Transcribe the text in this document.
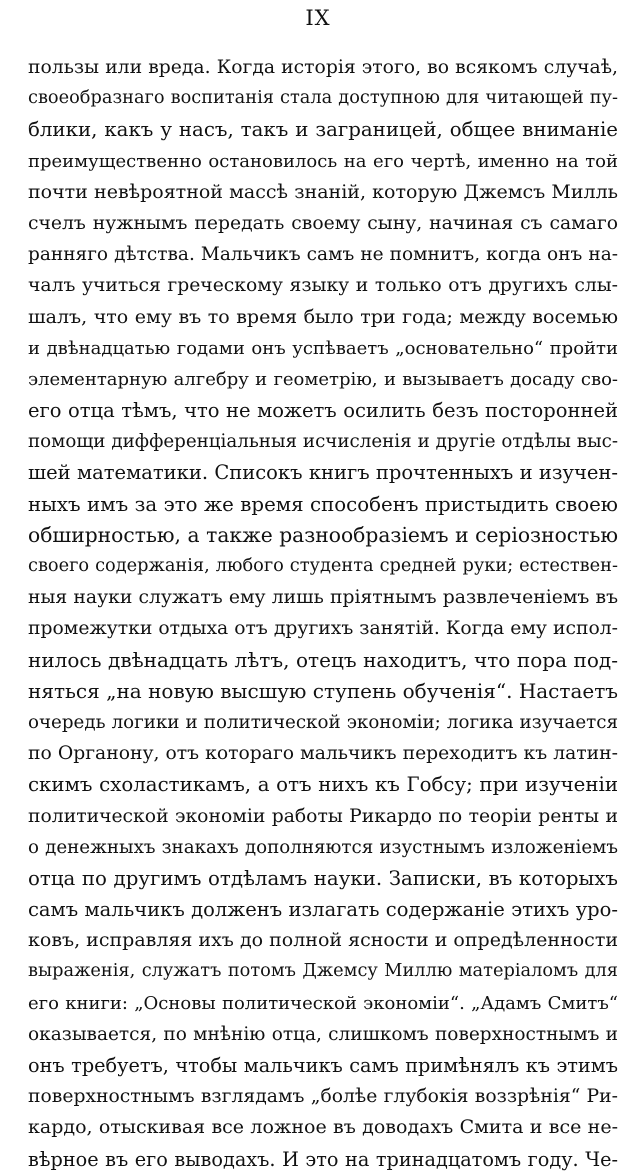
IX
пользы или вреда. Когда исторія этого, во всякомъ случаѣ,
своеобразнаго воспитанія стала доступною для читающей пу-
блики, какъ у насъ, такъ и заграницей, общее вниманіе
преимущественно остановилось на его чертѣ, именно на той
почти невѣроятной массѣ знаній, которую Джемсъ Милль
счелъ нужнымъ передать своему сыну, начиная съ самаго
ранняго дѣтства. Мальчикъ самъ не помнитъ, когда онъ на-
чалъ учиться греческому языку и только отъ другихъ слы-
шалъ, что ему въ то время было три года; между восемью
и двѣнадцатью годами онъ успѣваетъ „основательно“ пройти
элементарную алгебру и геометрію, и вызываетъ досаду сво-
его отца тѣмъ, что не можетъ осилить безъ посторонней
помощи дифференціальныя исчисленія и другіе отдѣлы выс-
шей математики. Списокъ книгъ прочтенныхъ и изучен-
ныхъ имъ за это же время способенъ пристыдить своею
обширностью, а также разнообразіемъ и серіозностью
своего содержанія, любого студента средней руки; естествен-
ныя науки служатъ ему лишь пріятнымъ развлеченіемъ въ
промежутки отдыха отъ другихъ занятій. Когда ему испол-
нилось двѣнадцать лѣтъ, отецъ находитъ, что пора под-
няться „на новую высшую ступень обученія“. Настаетъ
очередь логики и политической экономіи; логика изучается
по Органону, отъ котораго мальчикъ переходитъ къ латин-
скимъ схоластикамъ, а отъ нихъ къ Гобсу; при изученіи
политической экономіи работы Рикардо по теоріи ренты и
о денежныхъ знакахъ дополняются изустнымъ изложеніемъ
отца по другимъ отдѣламъ науки. Записки, въ которыхъ
самъ мальчикъ долженъ излагать содержаніе этихъ уро-
ковъ, исправляя ихъ до полной ясности и опредѣленности
выраженія, служатъ потомъ Джемсу Миллю матеріаломъ для
его книги: „Основы политической экономіи“. „Адамъ Смитъ“
оказывается, по мнѣнію отца, слишкомъ поверхностнымъ и
онъ требуетъ, чтобы мальчикъ самъ примѣнялъ къ этимъ
поверхностнымъ взглядамъ „болѣе глубокія воззрѣнія“ Ри-
кардо, отыскивая все ложное въ доводахъ Смита и все не-
вѣрное въ его выводахъ. И это на тринадцатомъ году. Че-
